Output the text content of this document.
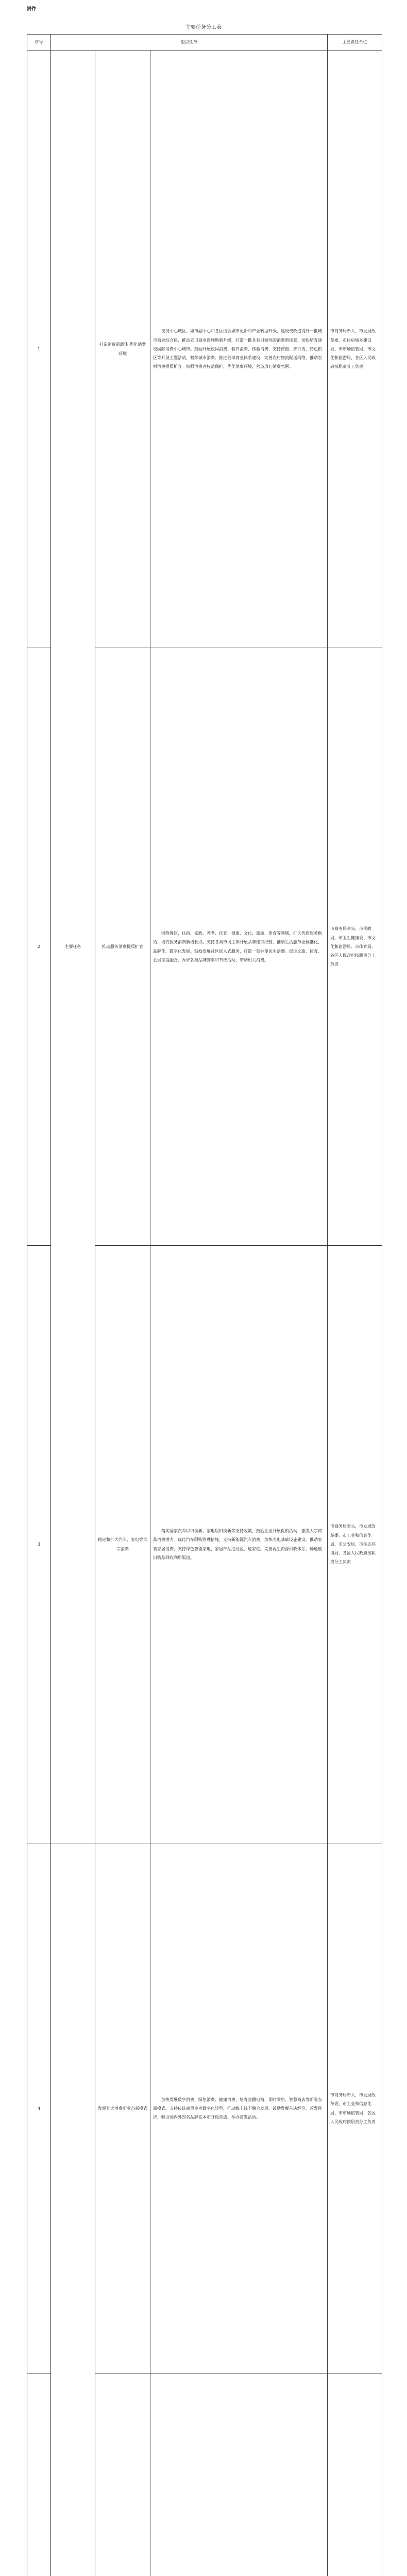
附件
主要任务分工表
序号	重点任务			主要责任单位
1	主要任务	打造消费新载体 优化消费环境	支持中心城区、城市副中心和各区结合城市更新和产业转型升级，建设或改造提升一批城市商业综合体，推动老旧商业设施焕新升级，打造一批具有引领性的消费新场景，加快培育建设国际消费中心城市。鼓励开展夜间消费、假日消费、体验消费，支持商圈、步行街、特色街区等开展主题活动，繁荣城市消费。推进县域商业体系建设，完善农村物流配送网络，推动农村消费提质扩容。加强消费者权益保护，优化消费环境，营造放心消费氛围。	市商务局牵头，市发展改革委、市住房城乡建设委、市市场监管局、市文化和旅游局，各区人民政府按职责分工负责

2		推动服务消费提质扩容	围绕餐饮、住宿、家政、养老、托育、健康、文化、旅游、体育等领域，扩大优质服务供给，培育服务消费新增长点。支持各类市场主体开展品牌连锁经营，推动生活服务业标准化、品牌化、数字化发展。鼓励发展社区嵌入式服务，打造一刻钟便民生活圈。促进文旅、体育、会展深度融合，办好各类品牌赛事和节庆活动，带动相关消费。	市商务局牵头，市民政局、市卫生健康委、市文化和旅游局、市体育局，各区人民政府按职责分工负责

3		稳定和扩大汽车、家电等大宗消费	落实国家汽车以旧换新、家电以旧换新等支持政策，鼓励企业开展促销活动，激发大宗商品消费潜力。优化汽车限购管理措施，支持新能源汽车消费，加快充电基础设施建设。推动家装家居消费，支持绿色智能家电、家居产品进社区、进家庭。完善再生资源回收体系，畅通废旧物品回收利用渠道。	市商务局牵头，市发展改革委、市工业和信息化局、市公安局、市生态环境局，各区人民政府按职责分工负责

4		发展壮大消费新业态新模式	加快发展数字消费、绿色消费、健康消费，培育直播电商、即时零售、智慧商店等新业态新模式。支持传统商贸企业数字化转型，推动线上线下融合发展。鼓励发展首店经济、首发经济，吸引国内外知名品牌在本市开设首店、举办首发活动。	市商务局牵头，市发展改革委、市工业和信息化局、市市场监管局，各区人民政府按职责分工负责
